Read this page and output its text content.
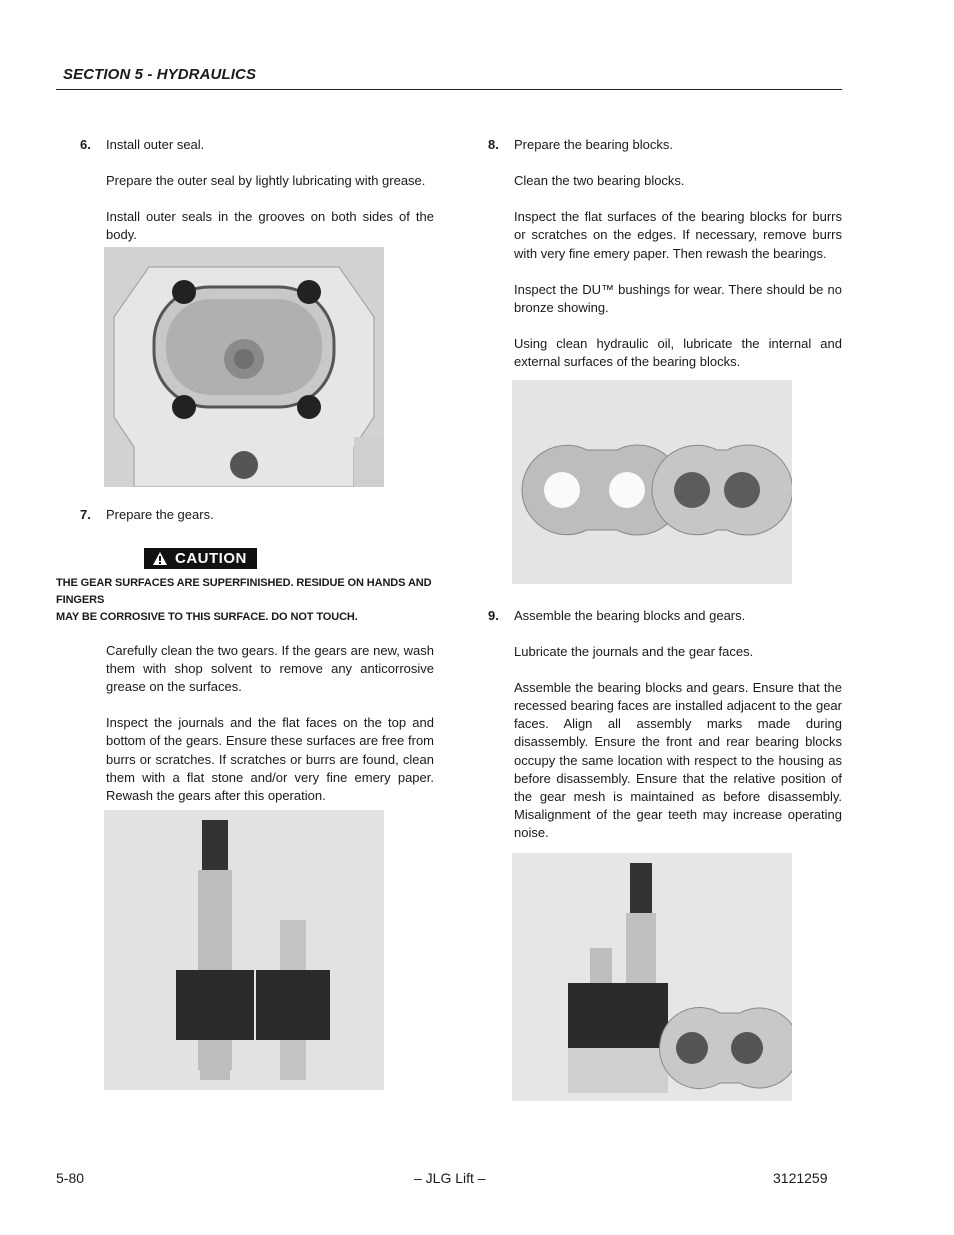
SECTION 5 - HYDRAULICS
6. Install outer seal.
Prepare the outer seal by lightly lubricating with grease.
Install outer seals in the grooves on both sides of the body.
7. Prepare the gears.
CAUTION
THE GEAR SURFACES ARE SUPERFINISHED. RESIDUE ON HANDS AND FINGERS
MAY BE CORROSIVE TO THIS SURFACE. DO NOT TOUCH.
Carefully clean the two gears. If the gears are new, wash them with shop solvent to remove any anticorrosive grease on the surfaces.
Inspect the journals and the flat faces on the top and bottom of the gears. Ensure these surfaces are free from burrs or scratches. If scratches or burrs are found, clean them with a flat stone and/or very fine emery paper. Rewash the gears after this operation.
8. Prepare the bearing blocks.
Clean the two bearing blocks.
Inspect the flat surfaces of the bearing blocks for burrs or scratches on the edges. If necessary, remove burrs with very fine emery paper. Then rewash the bearings.
Inspect the DU™ bushings for wear. There should be no bronze showing.
Using clean hydraulic oil, lubricate the internal and external surfaces of the bearing blocks.
9. Assemble the bearing blocks and gears.
Lubricate the journals and the gear faces.
Assemble the bearing blocks and gears. Ensure that the recessed bearing faces are installed adjacent to the gear faces. Align all assembly marks made during disassembly. Ensure the front and rear bearing blocks occupy the same location with respect to the housing as before disassembly. Ensure that the relative position of the gear mesh is maintained as before disassembly. Misalignment of the gear teeth may increase operating noise.
5-80	– JLG Lift –	3121259
